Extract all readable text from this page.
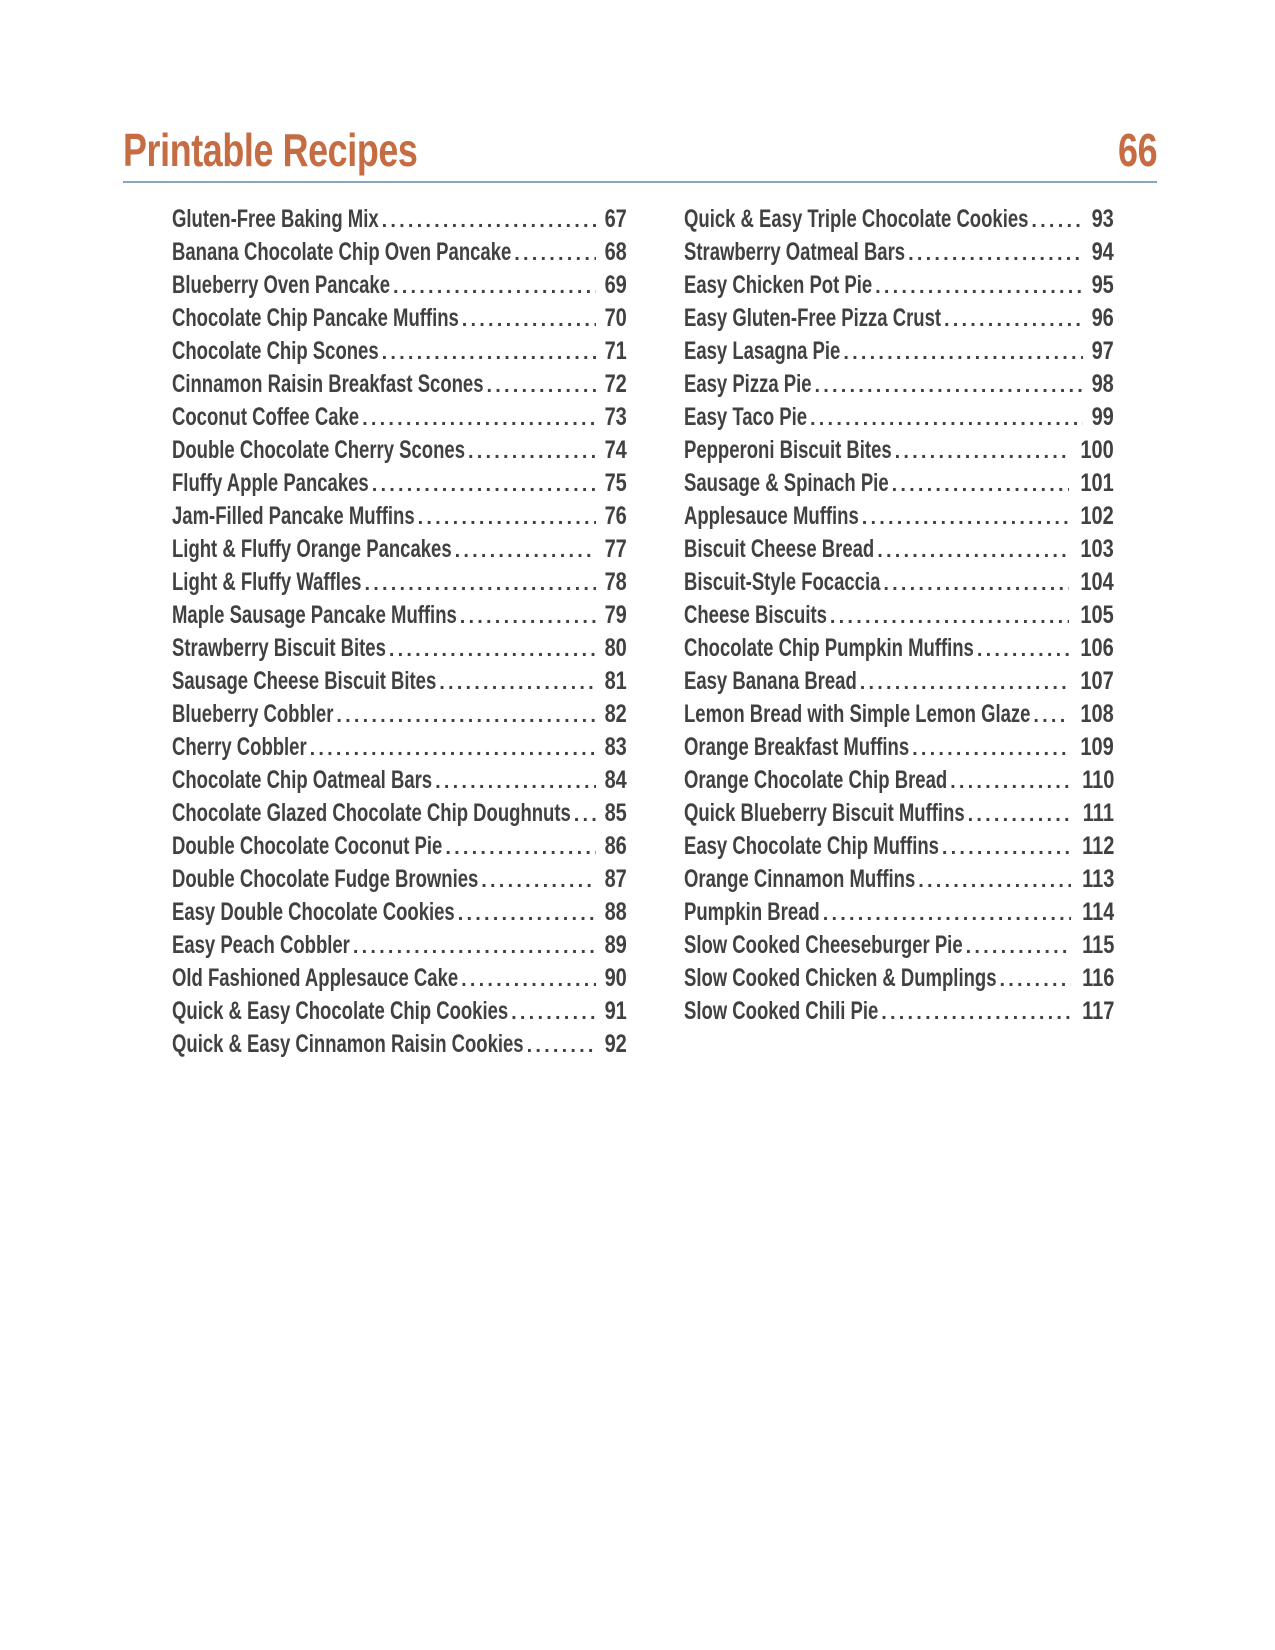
Printable Recipes	66
Gluten-Free Baking Mix .....	67
Banana Chocolate Chip Oven Pancake .....	68
Blueberry Oven Pancake .....	69
Chocolate Chip Pancake Muffins .....	70
Chocolate Chip Scones .....	71
Cinnamon Raisin Breakfast Scones .....	72
Coconut Coffee Cake .....	73
Double Chocolate Cherry Scones .....	74
Fluffy Apple Pancakes .....	75
Jam-Filled Pancake Muffins .....	76
Light & Fluffy Orange Pancakes .....	77
Light & Fluffy Waffles .....	78
Maple Sausage Pancake Muffins .....	79
Strawberry Biscuit Bites .....	80
Sausage Cheese Biscuit Bites .....	81
Blueberry Cobbler .....	82
Cherry Cobbler .....	83
Chocolate Chip Oatmeal Bars .....	84
Chocolate Glazed Chocolate Chip Doughnuts ..... 85
Double Chocolate Coconut Pie .....	86
Double Chocolate Fudge Brownies .....	87
Easy Double Chocolate Cookies .....	88
Easy Peach Cobbler .....	89
Old Fashioned Applesauce Cake .....	90
Quick & Easy Chocolate Chip Cookies .....	91
Quick & Easy Cinnamon Raisin Cookies .....	92
Quick & Easy Triple Chocolate Cookies .....	93
Strawberry Oatmeal Bars .....	94
Easy Chicken Pot Pie .....	95
Easy Gluten-Free Pizza Crust .....	96
Easy Lasagna Pie .....	97
Easy Pizza Pie .....	98
Easy Taco Pie .....	99
Pepperoni Biscuit Bites .....	100
Sausage & Spinach Pie .....	101
Applesauce Muffins .....	102
Biscuit Cheese Bread .....	103
Biscuit-Style Focaccia .....	104
Cheese Biscuits .....	105
Chocolate Chip Pumpkin Muffins .....	106
Easy Banana Bread .....	107
Lemon Bread with Simple Lemon Glaze ..... 108
Orange Breakfast Muffins .....	109
Orange Chocolate Chip Bread .....	110
Quick Blueberry Biscuit Muffins .....	111
Easy Chocolate Chip Muffins .....	112
Orange Cinnamon Muffins .....	113
Pumpkin Bread .....	114
Slow Cooked Cheeseburger Pie .....	115
Slow Cooked Chicken & Dumplings .....	116
Slow Cooked Chili Pie .....	117
